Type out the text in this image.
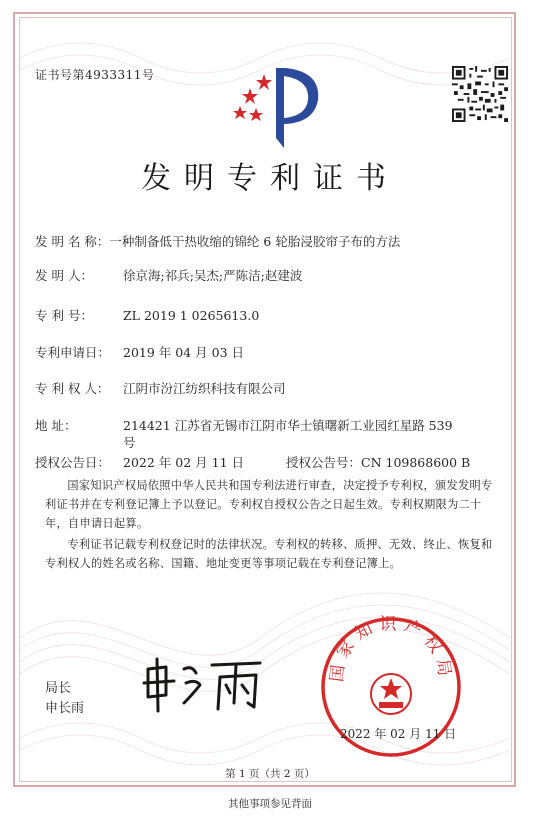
证书号第4933311号
发明专利证书
发 明 名 称：一种制备低干热收缩的锦纶 6 轮胎浸胶帘子布的方法
发 明 人： 徐京海;祁兵;吴杰;严陈洁;赵建波
专 利 号： ZL 2019 1 0265613.0
专利申请日： 2019 年 04 月 03 日
专 利 权 人： 江阴市汾江纺织科技有限公司
地 址：	214421 江苏省无锡市江阴市华士镇曙新工业园红星路 539
号
授权公告日： 2022 年 02 月 11 日	授权公告号：CN 109868600 B
国家知识产权局依照中华人民共和国专利法进行审查，决定授予专利权，颁发发明专利证书并在专利登记簿上予以登记。专利权自授权公告之日起生效。专利权期限为二十年，自申请日起算。
专利证书记载专利权登记时的法律状况。专利权的转移、质押、无效、终止、恢复和专利权人的姓名或名称、国籍、地址变更等事项记载在专利登记簿上。
局长
申长雨
国家知识产权局
2022 年 02 月 11 日
第 1 页（共 2 页）
其他事项参见背面
